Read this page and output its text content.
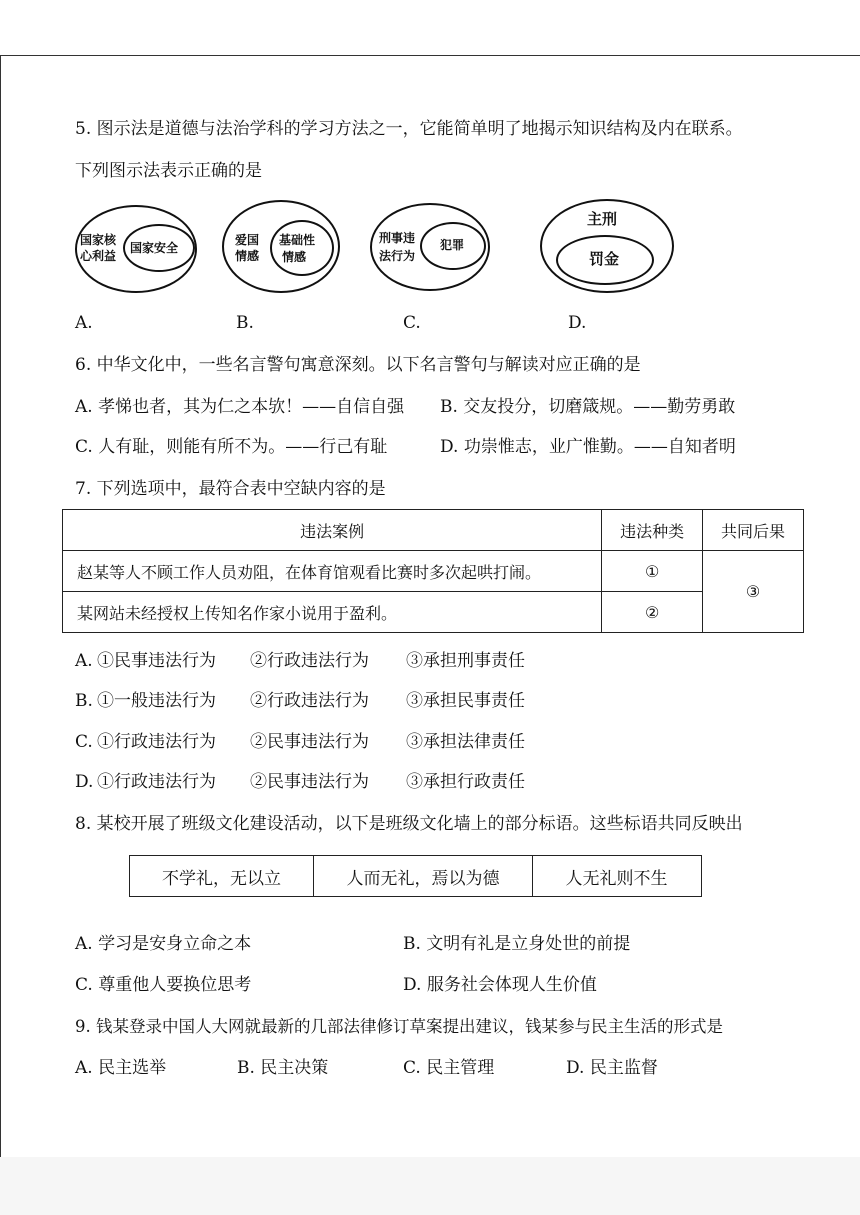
5. 图示法是道德与法治学科的学习方法之一，它能简单明了地揭示知识结构及内在联系。
下列图示法表示正确的是
国家核
心利益
国家安全
爱国
情感
基础性
情感
刑事违
法行为
犯罪
主刑
罚金
A.	B.	C.	D.
6. 中华文化中，一些名言警句寓意深刻。以下名言警句与解读对应正确的是
A. 孝悌也者，其为仁之本欤！——自信自强 B. 交友投分，切磨箴规。——勤劳勇敢
C. 人有耻，则能有所不为。——行己有耻	D. 功崇惟志，业广惟勤。——自知者明
7. 下列选项中，最符合表中空缺内容的是
违法案例	违法种类	共同后果
赵某等人不顾工作人员劝阻，在体育馆观看比赛时多次起哄打闹。	①	③
某网站未经授权上传知名作家小说用于盈利。	②	
A. ①民事违法行为 ②行政违法行为 ③承担刑事责任
B. ①一般违法行为 ②行政违法行为 ③承担民事责任
C. ①行政违法行为 ②民事违法行为 ③承担法律责任
D. ①行政违法行为 ②民事违法行为 ③承担行政责任
8. 某校开展了班级文化建设活动，以下是班级文化墙上的部分标语。这些标语共同反映出
不学礼，无以立	人而无礼，焉以为德	人无礼则不生
A. 学习是安身立命之本	B. 文明有礼是立身处世的前提
C. 尊重他人要换位思考	D. 服务社会体现人生价值
9. 钱某登录中国人大网就最新的几部法律修订草案提出建议，钱某参与民主生活的形式是
A. 民主选举	B. 民主决策	C. 民主管理	D. 民主监督
